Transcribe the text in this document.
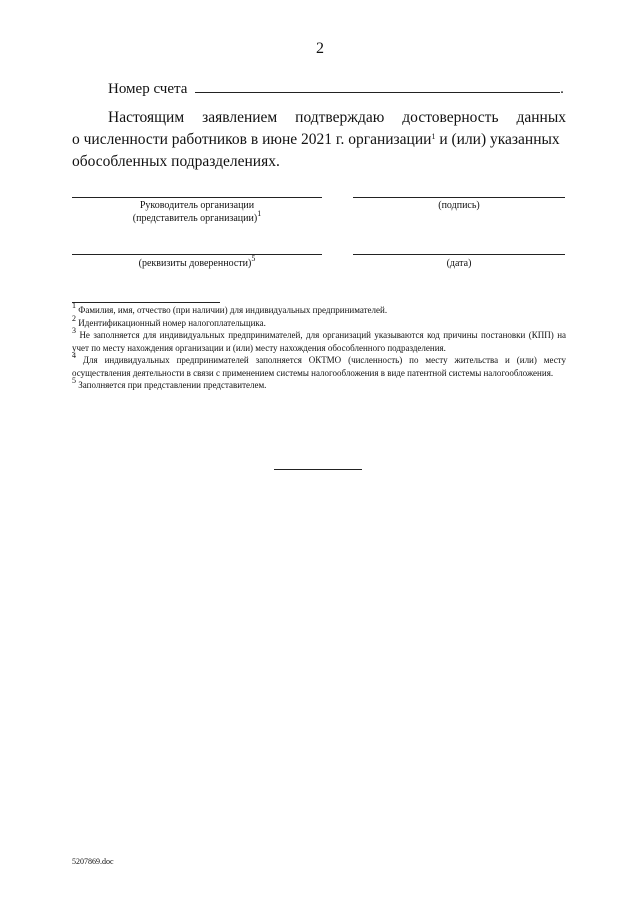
2
Номер счета	.
Настоящим заявлением подтверждаю достоверность данных
о численности работников в июне 2021 г. организации$^1$ и (или) указанных
обособленных подразделениях.
Руководитель организации
(представитель организации)$^1$
(подпись)
(реквизиты доверенности)$^5$	(дата)

$^1$ Фамилия, имя, отчество (при наличии) для индивидуальных предпринимателей.

$^2$ Идентификационный номер налогоплательщика.

$^3$ Не заполняется для индивидуальных предпринимателей, для организаций указываются код причины постановки (КПП) на учет по месту нахождения организации и (или) месту нахождения обособленного подразделения.

$^4$ Для индивидуальных предпринимателей заполняется ОКТМО (численность) по месту жительства и (или) месту осуществления деятельности в связи с применением системы налогообложения в виде патентной системы налогообложения.

$^5$ Заполняется при представлении представителем.

5207869.doc
